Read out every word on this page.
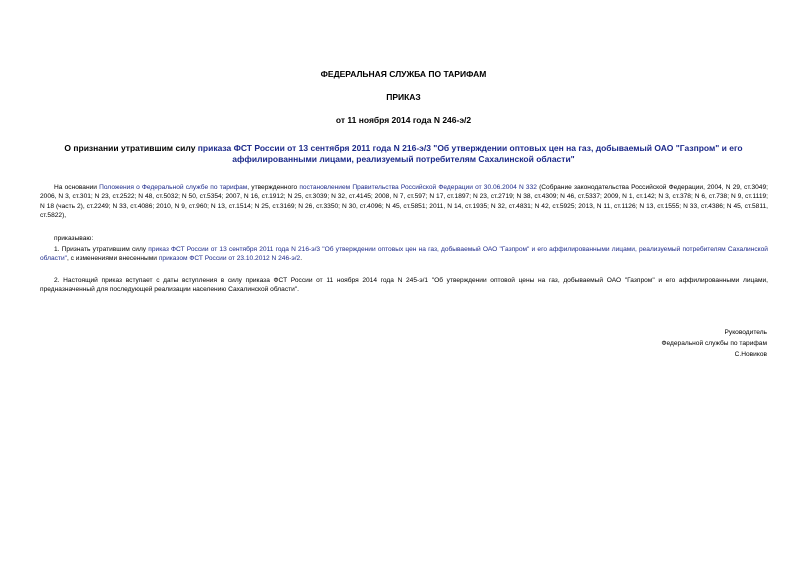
ФЕДЕРАЛЬНАЯ СЛУЖБА ПО ТАРИФАМ
ПРИКАЗ
от 11 ноября 2014 года N 246-э/2
О признании утратившим силу приказа ФСТ России от 13 сентября 2011 года N 216-э/3 "Об утверждении оптовых цен на газ, добываемый ОАО "Газпром" и его аффилированными лицами, реализуемый потребителям Сахалинской области"
На основании Положения о Федеральной службе по тарифам, утвержденного постановлением Правительства Российской Федерации от 30.06.2004 N 332 (Собрание законодательства Российской Федерации, 2004, N 29, ст.3049; 2006, N 3, ст.301; N 23, ст.2522; N 48, ст.5032; N 50, ст.5354; 2007, N 16, ст.1912; N 25, ст.3039; N 32, ст.4145; 2008, N 7, ст.597; N 17, ст.1897; N 23, ст.2719; N 38, ст.4309; N 46, ст.5337; 2009, N 1, ст.142; N 3, ст.378; N 6, ст.738; N 9, ст.1119; N 18 (часть 2), ст.2249; N 33, ст.4086; 2010, N 9, ст.960; N 13, ст.1514; N 25, ст.3169; N 26, ст.3350; N 30, ст.4096; N 45, ст.5851; 2011, N 14, ст.1935; N 32, ст.4831; N 42, ст.5925; 2013, N 11, ст.1126; N 13, ст.1555; N 33, ст.4386; N 45, ст.5811, ст.5822),
приказываю:
1. Признать утратившим силу приказ ФСТ России от 13 сентября 2011 года N 216-э/3 "Об утверждении оптовых цен на газ, добываемый ОАО "Газпром" и его аффилированными лицами, реализуемый потребителям Сахалинской области", с изменениями внесенными приказом ФСТ России от 23.10.2012 N 246-э/2.
2. Настоящий приказ вступает с даты вступления в силу приказа ФСТ России от 11 ноября 2014 года N 245-э/1 "Об утверждении оптовой цены на газ, добываемый ОАО "Газпром" и его аффилированными лицами, предназначенный для последующей реализации населению Сахалинской области".
Руководитель
Федеральной службы по тарифам
С.Новиков
